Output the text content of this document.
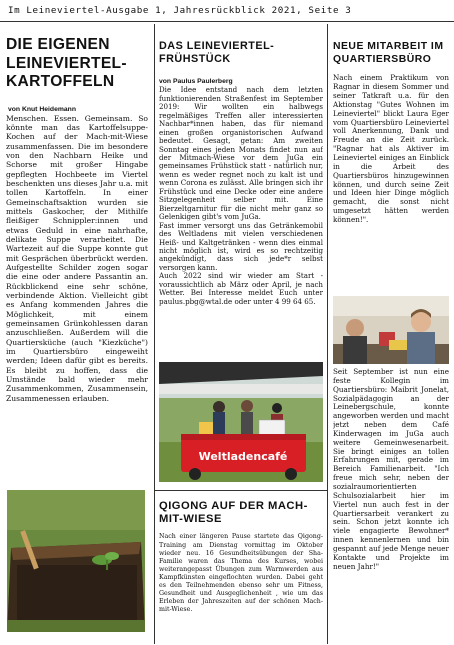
Im Leineviertel-Ausgabe 1, Jahresrückblick 2021, Seite 3
DIE EIGENEN LEINEVIERTEL-KARTOFFELN

von Knut Heidemann

Menschen. Essen. Gemeinsam. So könnte man das Kartoffelsuppe-Kochen auf der Mach-mit-Wiese zusammenfassen. Die im besondere von den Nachbarn Heike und Schorse mit großer Hingabe gepflegten Hochbeete im Viertel beschenkten uns dieses Jahr u.a. mit tollen Kartoffeln. In einer Gemeinschaftsaktion wurden sie mittels Gaskocher, der Mithilfe fleißiger Schnippler:innen und etwas Geduld in eine nahrhafte, delikate Suppe verarbeitet. Die Wartezeit auf die Suppe konnte gut mit Gesprächen überbrückt werden. Aufgestellte Schilder zogen sogar die eine oder andere Passantin an. Rückblickend eine sehr schöne, verbindende Aktion. Vielleicht gibt es Anfang kommenden Jahres die Möglichkeit, mit einem gemeinsamen Grünkohlessen daran anzuschließen. Außerdem will die Quartiersküche (auch "Kiezküche") im Quartiersbüro eingeweiht werden; Ideen dafür gibt es bereits. Es bleibt zu hoffen, dass die Umstände bald wieder mehr Zusammenkommen, Zusammensein, Zusammenessen erlauben.

DAS LEINEVIERTEL-FRÜHSTÜCK

von Paulus Paulerberg

Die Idee entstand nach dem letzten funktionierenden Straßenfest im September 2019: Wir wollten ein halbwegs regelmäßiges Treffen aller interessierten Nachbar*innen haben, das für niemand einen großen organistorischen Aufwand bedeutet. Gesagt, getan: Am zweiten Sonntag eines jeden Monats findet nun auf der Mitmach-Wiese vor dem JuGa ein gemeinsames Frühstück statt - natürlich nur, wenn es weder regnet noch zu kalt ist und wenn Corona es zulässt. Alle bringen sich ihr Frühstück und eine Decke oder eine andere Sitzgelegenheit selber mit. Eine Bierzeltgarnitur für die nicht mehr ganz so Gelenkigen gibt's vom JuGa.

Fast immer versorgt uns das Getränkemobil des Weltladens mit vielen verschiedenen Heiß- und Kaltgetränken - wenn dies einmal nicht möglich ist, wird es so rechtzeitig angekündigt, dass sich jede*r selbst versorgen kann.

Auch 2022 sind wir wieder am Start - voraussichtlich ab März oder April, je nach Wetter. Bei Interesse meldet Euch unter paulus.pbg@wtal.de oder unter 4 99 64 65.

Weltladencafé
QIGONG AUF DER MACH-MIT-WIESE

Nach einer längeren Pause startete das Qigong-Training am Dienstag vormittag im Oktober wieder neu. 16 Gesundheitsübungen der Sha-Familie waren das Thema des Kurses, wobei weiterangepasst Übungen zum Warmwerden aus Kampfkünsten eingeflochten wurden. Dabei geht es den Teilnehmenden ebenso sehr um Fitness, Gesundheit und Ausgeglichenheit , wie um das Erleben der Jahreszeiten auf der schönen Mach-mit-Wiese.

NEUE MITARBEIT IM QUARTIERSBÜRO

Nach einem Praktikum von Ragnar in diesem Sommer und seiner Tatkraft u.a. für den Aktionstag "Gutes Wohnen im Leineviertel" blickt Laura Eger vom Quartiersbüro Leineviertel voll Anerkennung, Dank und Freude an die Zeit zurück. "Ragnar hat als Aktiver im Leineviertel einiges an Einblick in die Arbeit des Quartiersbüros hinzugewinnen können, und durch seine Zeit und Ideen hier Dinge möglich gemacht, die sonst nicht umgesetzt hätten werden können!".

Seit September ist nun eine feste Kollegin im Quartiersbüro: Maibrit Jonelat, Sozialpädagogin an der Leinebergschule, konnte angeworben werden und macht jetzt neben dem Café Kinderwagen im JuGa auch weitere Gemeinwesenarbeit. Sie bringt einiges an tollen Erfahrungen mit, gerade im Bereich Familienarbeit. "Ich freue mich sehr, neben der sozialraumorientierten Schulsozialarbeit hier im Viertel nun auch fest in der Quartiersarbeit verankert zu sein. Schon jetzt konnte ich viele engagierte Bewohner* innen kennenlernen und bin gespannt auf jede Menge neuer Kontakte und Projekte im neuen Jahr!"
